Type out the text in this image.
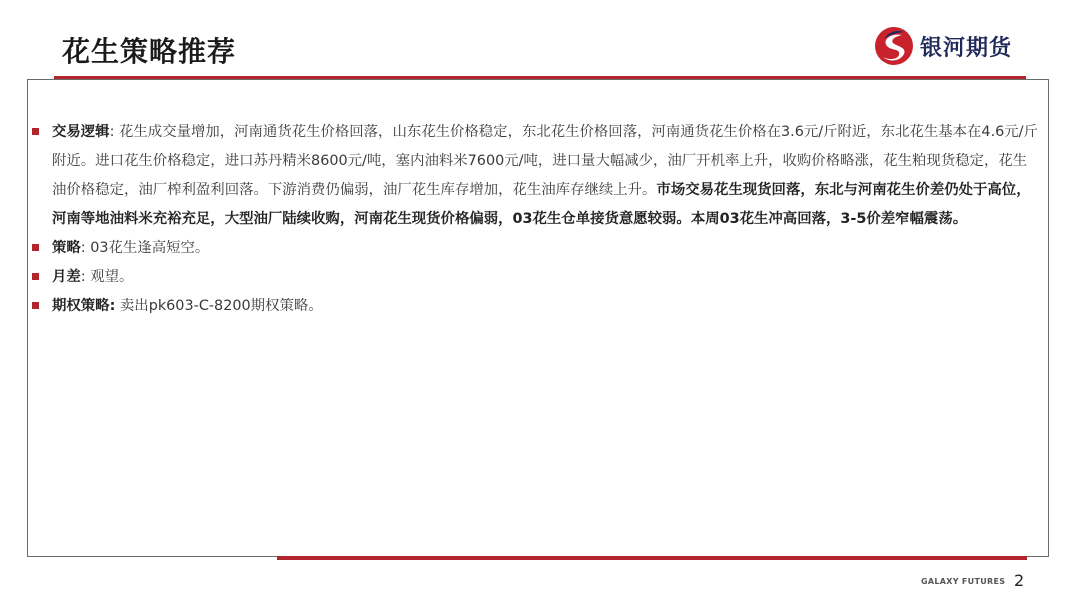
花生策略推荐	银河期货
交易逻辑: 花生成交量增加，河南通货花生价格回落，山东花生价格稳定，东北花生价格回落，河南通货花生价格在3.6元/斤附近，东北花生基本在4.6元/斤附近。进口花生价格稳定，进口苏丹精米8600元/吨，塞内油料米7600元/吨，进口量大幅减少，油厂开机率上升，收购价格略涨，花生粕现货稳定，花生油价格稳定，油厂榨利盈利回落。下游消费仍偏弱，油厂花生库存增加，花生油库存继续上升。市场交易花生现货回落，东北与河南花生价差仍处于高位，河南等地油料米充裕充足，大型油厂陆续收购，河南花生现货价格偏弱，03花生仓单接货意愿较弱。本周03花生冲高回落，3-5价差窄幅震荡。
策略: 03花生逢高短空。
月差: 观望。
期权策略: 卖出pk603-C-8200期权策略。
GALAXY FUTURES 2
